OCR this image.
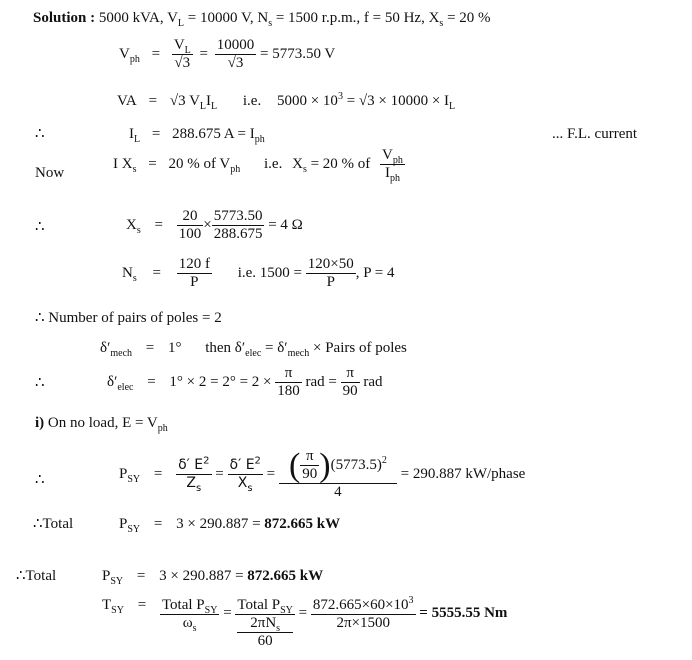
Solution : 5000 kVA, $V_L = 10000$ V, $N_s = 1500$ r.p.m., f = 50 Hz, $X_s = 20$ %
$V_{ph} = \frac{V_L}{√3} = \frac{10000}{√3} = 5773.50$ V
VA = √3 $V_LI_L$ i.e. $5000 \times 10^3 = √3 \times 10000 \times I_L$
∴	$I_L = 288.675$ $A = I_{ph}$	... F.L. current
Now
I $X_s = 20$ % of $V_{ph}$ i.e. $X_s = 20$ % of $\frac{V_{ph}}{I_{ph}}$
∴	$X_s = \frac{20}{100} \times \frac{5773.50}{288.675} = 4$ Ω
$N_s = \frac{120 f}{P} i.e$. $1500 = \frac{120\times 50}{P}$ , P = 4
∴ Number of pairs of poles = 2
$\delta'_{mech} = 1^\circ$ then $\delta'_{elec} = \delta'_{mech}$ × Pairs of poles
∴	$\delta'_{elec} = 1^\circ \times 2 = 2^\circ = 2 \times \frac{\pi}{180}$ rad = $\frac{\pi}{90}$ rad
i) On no load, $E = V_{ph}$
∴	$P_{SY} = \frac{\delta' E^2}{Z_s} = \frac{\delta' E^2}{X_s} = \frac{( \frac{\pi}{90} )(5773.5)^2}{4} = 290.887$ kW/phase
∴Total	$P_{SY} = 3 \times 290.887 = 872.665$ kW
∴Total	$P_{SY} = 3 \times 290.887 = 872.665$ kW
$T_{SY} = \frac{Total P_{SY}}{\omega_s}$ = Total $P_{SY}$
$2\pi N_s$
$60 = \frac{872.665\times 60\times 10^3}{2\pi\times 1500} = 5555.55$ Nm
